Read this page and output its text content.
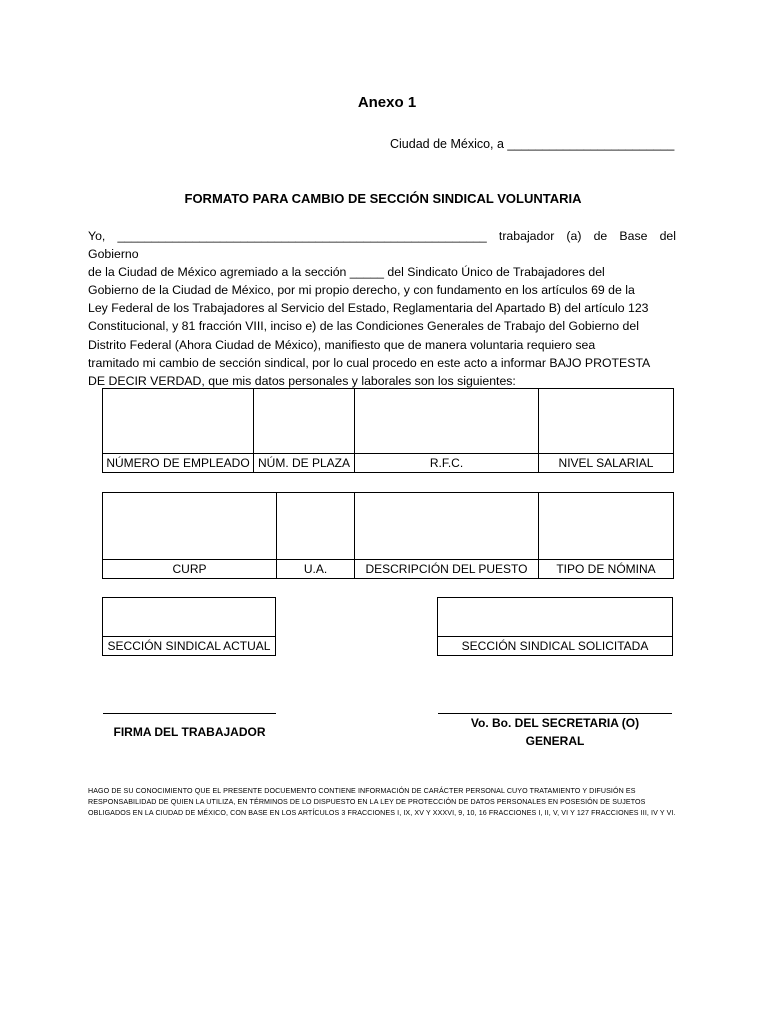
Anexo 1
Ciudad de México, a ________________________
FORMATO PARA CAMBIO DE SECCIÓN SINDICAL VOLUNTARIA

Yo, ______________________________________________________ trabajador (a) de Base del Gobierno

de la Ciudad de México agremiado a la sección _____ del Sindicato Único de Trabajadores del

Gobierno de la Ciudad de México, por mi propio derecho, y con fundamento en los artículos 69 de la

Ley Federal de los Trabajadores al Servicio del Estado, Reglamentaria del Apartado B) del artículo 123

Constitucional, y 81 fracción VIII, inciso e) de las Condiciones Generales de Trabajo del Gobierno del

Distrito Federal (Ahora Ciudad de México), manifiesto que de manera voluntaria requiero sea

tramitado mi cambio de sección sindical, por lo cual procedo en este acto a informar BAJO PROTESTA

DE DECIR VERDAD, que mis datos personales y laborales son los siguientes:

NÚMERO DE EMPLEADO	NÚM. DE PLAZA	R.F.C.	NIVEL SALARIAL

CURP	U.A.	DESCRIPCIÓN DEL PUESTO	TIPO DE NÓMINA

SECCIÓN SINDICAL ACTUAL	SECCIÓN SINDICAL SOLICITADA
FIRMA DEL TRABAJADOR
Vo. Bo. DEL SECRETARIA (O)
GENERAL
HAGO DE SU CONOCIMIENTO QUE EL PRESENTE DOCUEMENTO CONTIENE INFORMACIÓN DE CARÁCTER PERSONAL CUYO TRATAMIENTO Y DIFUSIÓN ES
RESPONSABILIDAD DE QUIEN LA UTILIZA, EN TÉRMINOS DE LO DISPUESTO EN LA LEY DE PROTECCIÓN DE DATOS PERSONALES EN POSESIÓN DE SUJETOS
OBLIGADOS EN LA CIUDAD DE MÉXICO, CON BASE EN LOS ARTÍCULOS 3 FRACCIONES I, IX, XV Y XXXVI, 9, 10, 16 FRACCIONES I, II, V, VI Y 127 FRACCIONES III, IV Y VI.
